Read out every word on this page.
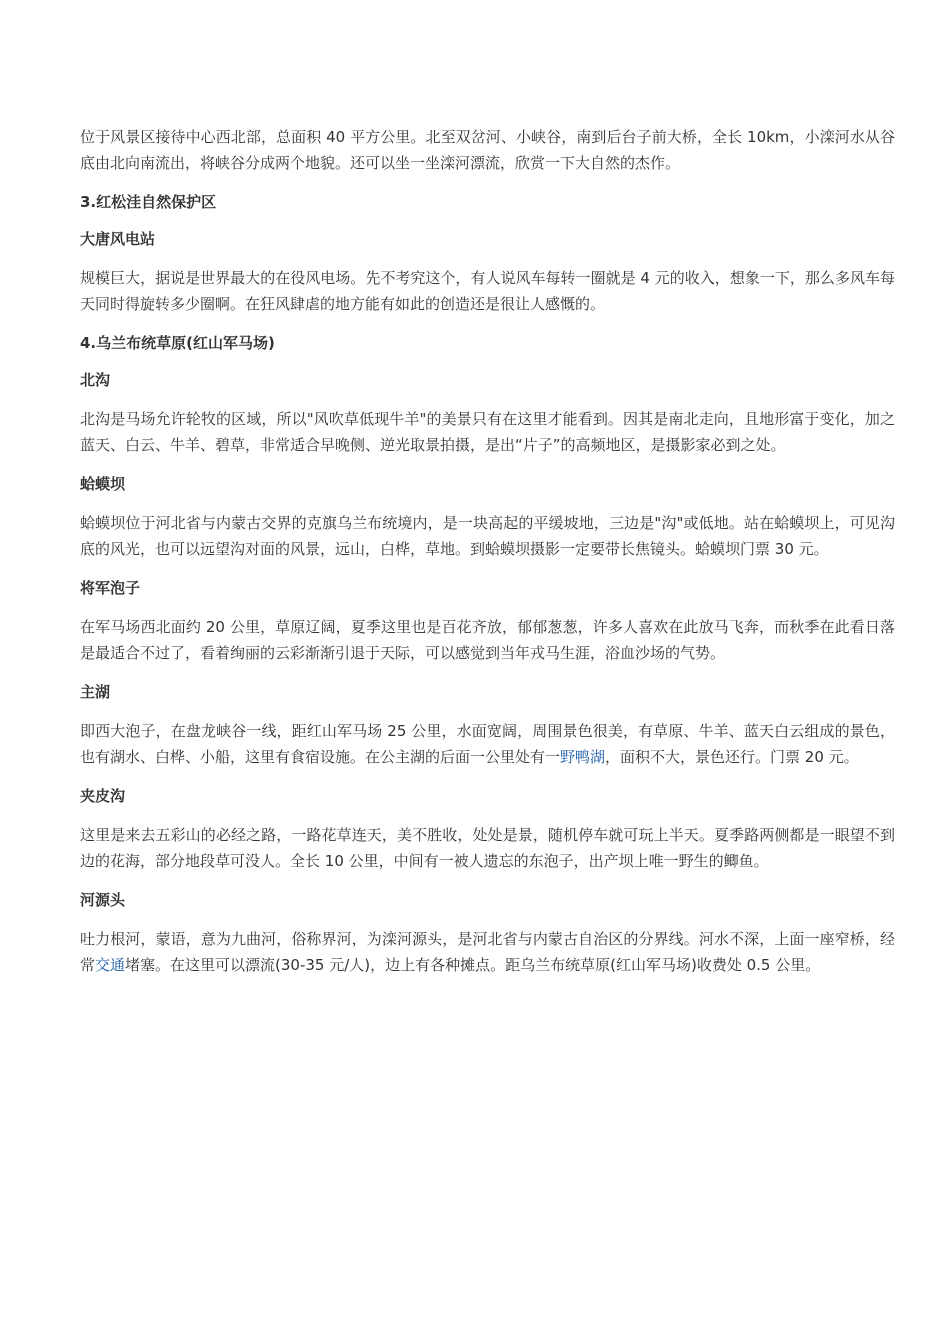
位于风景区接待中心西北部，总面积 40 平方公里。北至双岔河、小峡谷，南到后台子前大桥，全长 10km，小滦河水从谷底由北向南流出，将峡谷分成两个地貌。还可以坐一坐滦河漂流，欣赏一下大自然的杰作。

3.红松洼自然保护区
大唐风电站

规模巨大，据说是世界最大的在役风电场。先不考究这个，有人说风车每转一圈就是 4 元的收入，想象一下，那么多风车每天同时得旋转多少圈啊。在狂风肆虐的地方能有如此的创造还是很让人感慨的。

4.乌兰布统草原(红山军马场)
北沟

北沟是马场允许轮牧的区域，所以"风吹草低现牛羊"的美景只有在这里才能看到。因其是南北走向，且地形富于变化，加之蓝天、白云、牛羊、碧草，非常适合早晚侧、逆光取景拍摄，是出“片子”的高频地区，是摄影家必到之处。

蛤蟆坝

蛤蟆坝位于河北省与内蒙古交界的克旗乌兰布统境内，是一块高起的平缓坡地，三边是"沟"或低地。站在蛤蟆坝上，可见沟底的风光，也可以远望沟对面的风景，远山，白桦，草地。到蛤蟆坝摄影一定要带长焦镜头。蛤蟆坝门票 30 元。

将军泡子

在军马场西北面约 20 公里，草原辽阔，夏季这里也是百花齐放，郁郁葱葱，许多人喜欢在此放马飞奔，而秋季在此看日落是最适合不过了，看着绚丽的云彩渐渐引退于天际，可以感觉到当年戎马生涯，浴血沙场的气势。

主湖

即西大泡子，在盘龙峡谷一线，距红山军马场 25 公里，水面宽阔，周围景色很美，有草原、牛羊、蓝天白云组成的景色，也有湖水、白桦、小船，这里有食宿设施。在公主湖的后面一公里处有一野鸭湖，面积不大，景色还行。门票 20 元。

夹皮沟

这里是来去五彩山的必经之路，一路花草连天，美不胜收，处处是景，随机停车就可玩上半天。夏季路两侧都是一眼望不到边的花海，部分地段草可没人。全长 10 公里，中间有一被人遗忘的东泡子，出产坝上唯一野生的鲫鱼。

河源头

吐力根河，蒙语，意为九曲河，俗称界河，为滦河源头，是河北省与内蒙古自治区的分界线。河水不深，上面一座窄桥，经常交通堵塞。在这里可以漂流(30-35 元/人)，边上有各种摊点。距乌兰布统草原(红山军马场)收费处 0.5 公里。
